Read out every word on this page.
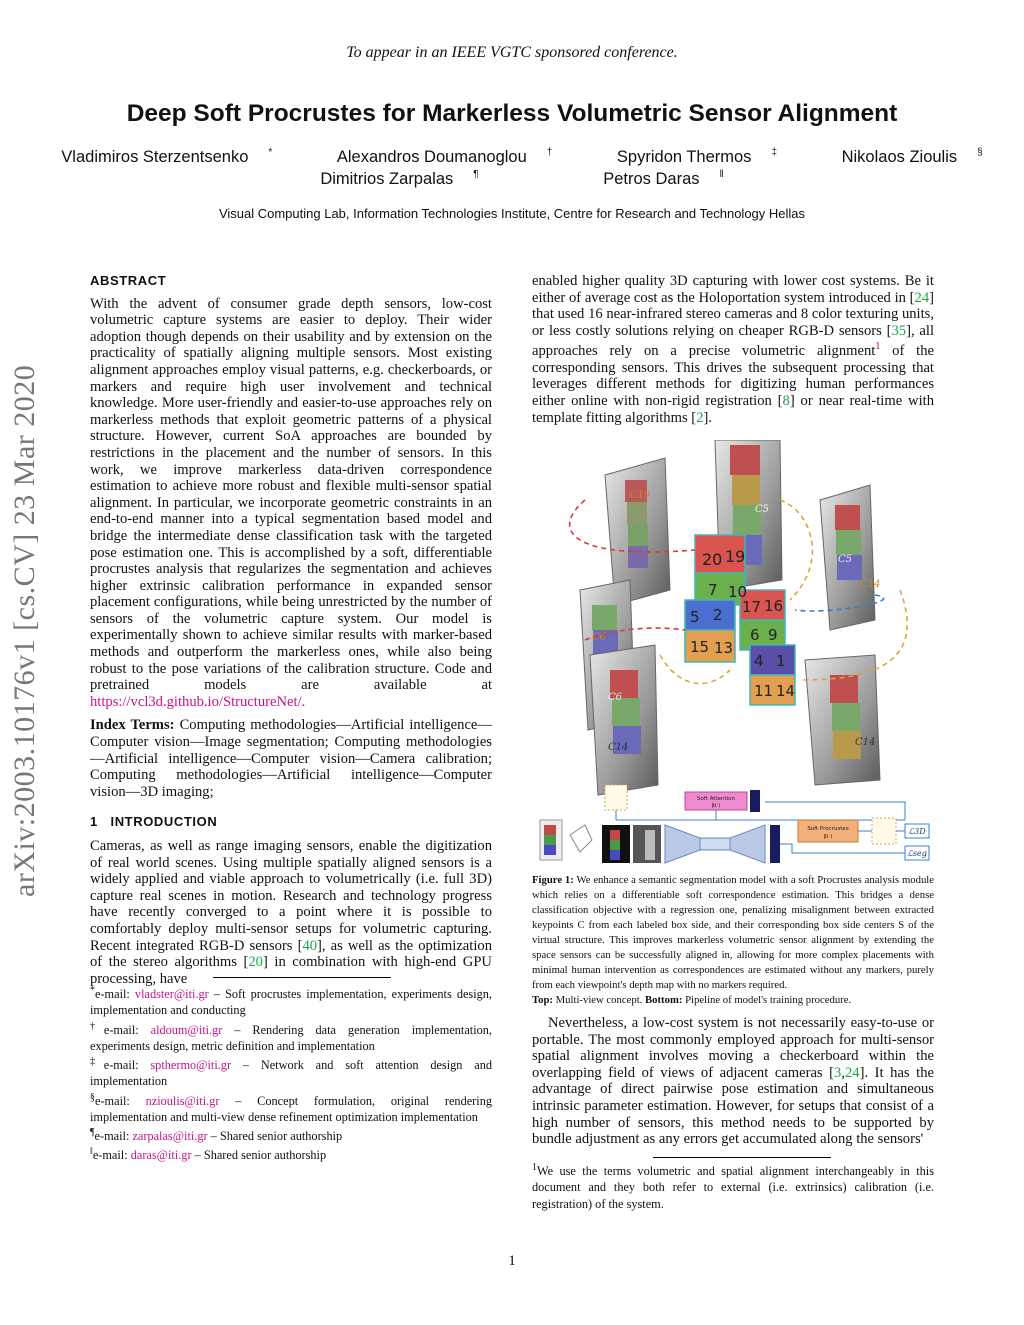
To appear in an IEEE VGTC sponsored conference.
Deep Soft Procrustes for Markerless Volumetric Sensor Alignment
Vladimiros Sterzentsenko *	Alexandros Doumanoglou †	Spyridon Thermos ‡	Nikolaos Zioulis §
Dimitrios Zarpalas ¶	Petros Daras ‖
Visual Computing Lab, Information Technologies Institute, Centre for Research and Technology Hellas
arXiv:2003.10176v1 [cs.CV] 23 Mar 2020
ABSTRACT

With the advent of consumer grade depth sensors, low-cost volumetric capture systems are easier to deploy. Their wider adoption though depends on their usability and by extension on the practicality of spatially aligning multiple sensors. Most existing alignment approaches employ visual patterns, e.g. checkerboards, or markers and require high user involvement and technical knowledge. More user-friendly and easier-to-use approaches rely on markerless methods that exploit geometric patterns of a physical structure. However, current SoA approaches are bounded by restrictions in the placement and the number of sensors. In this work, we improve markerless data-driven correspondence estimation to achieve more robust and flexible multi-sensor spatial alignment. In particular, we incorporate geometric constraints in an end-to-end manner into a typical segmentation based model and bridge the intermediate dense classification task with the targeted pose estimation one. This is accomplished by a soft, differentiable procrustes analysis that regularizes the segmentation and achieves higher extrinsic calibration performance in expanded sensor placement configurations, while being unrestricted by the number of sensors of the volumetric capture system. Our model is experimentally shown to achieve similar results with marker-based methods and outperform the markerless ones, while also being robust to the pose variations of the calibration structure. Code and pretrained models are available at https://vcl3d.github.io/StructureNet/.

Index Terms: Computing methodologies—Artificial intelligence—Computer vision—Image segmentation; Computing methodologies—Artificial intelligence—Computer vision—Camera calibration; Computing methodologies—Artificial intelligence—Computer vision—3D imaging;

1 INTRODUCTION

Cameras, as well as range imaging sensors, enable the digitization of real world scenes. Using multiple spatially aligned sensors is a widely applied and viable approach to volumetrically (i.e. full 3D) capture real scenes in motion. Research and technology progress have recently converged to a point where it is possible to comfortably deploy multi-sensor setups for volumetric capturing. Recent integrated RGB-D sensors [40], as well as the optimization of the stereo algorithms [20] in combination with high-end GPU processing, have

*e-mail: vladster@iti.gr – Soft procrustes implementation, experiments design, implementation and conducting

†e-mail: aldoum@iti.gr – Rendering data generation implementation, experiments design, metric definition and implementation

‡e-mail: spthermo@iti.gr – Network and soft attention design and implementation

§e-mail: nzioulis@iti.gr – Concept formulation, original rendering implementation and multi-view dense refinement optimization implementation

¶e-mail: zarpalas@iti.gr – Shared senior authorship

‖e-mail: daras@iti.gr – Shared senior authorship

enabled higher quality 3D capturing with lower cost systems. Be it either of average cost as the Holoportation system introduced in [24] that used 16 near-infrared stereo cameras and 8 color texturing units, or less costly solutions relying on cheaper RGB-D sensors [35], all approaches rely on a precise volumetric alignment$^1$ of the corresponding sensors. This drives the subsequent processing that leverages different methods for digitizing human performances either online with non-rigid registration [8] or near real-time with template fitting algorithms [2].

20 19
7 10
5 2
15 13
17 16
6 9
4 1
11 14
C19
C5
C5
C14
C6
C6
C14	C14
Soft Attention
β(·)
Soft Procrustes
β(·)
ℒ3D
ℒseg
Figure 1: We enhance a semantic segmentation model with a soft Procrustes analysis module which relies on a differentiable soft correspondence estimation. This bridges a dense classification objective with a regression one, penalizing misalignment between extracted keypoints C from each labeled box side, and their corresponding box side centers S of the virtual structure. This improves markerless volumetric sensor alignment by extending the space sensors can be successfully aligned in, allowing for more complex placements with minimal human intervention as correspondences are estimated without any markers, purely from each viewpoint's depth map with no markers required.
Top: Multi-view concept. Bottom: Pipeline of model's training procedure.

Nevertheless, a low-cost system is not necessarily easy-to-use or portable. The most commonly employed approach for multi-sensor spatial alignment involves moving a checkerboard within the overlapping field of views of adjacent cameras [3,24]. It has the advantage of direct pairwise pose estimation and simultaneous intrinsic parameter estimation. However, for setups that consist of a high number of sensors, this method needs to be supported by bundle adjustment as any errors get accumulated along the sensors'

$^1$We use the terms volumetric and spatial alignment interchangeably in this document and they both refer to external (i.e. extrinsics) calibration (i.e. registration) of the system.

1
